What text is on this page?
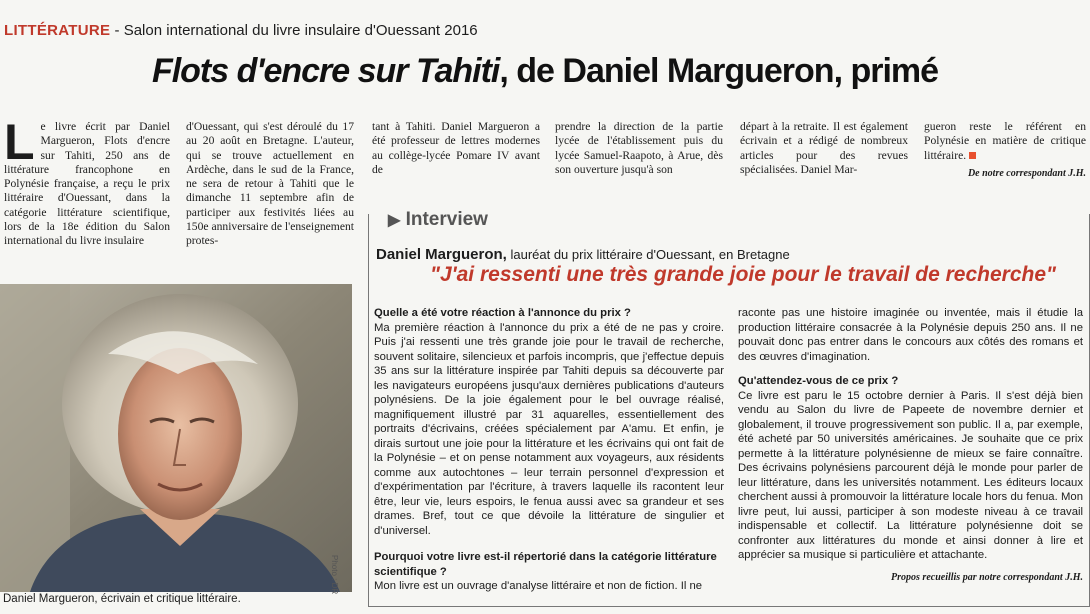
LITTÉRATURE - Salon international du livre insulaire d'Ouessant 2016
Flots d'encre sur Tahiti, de Daniel Margueron, primé
L e livre écrit par Daniel Margueron, Flots d'encre sur Tahiti, 250 ans de littérature francophone en Polynésie française, a reçu le prix littéraire d'Ouessant, dans la catégorie littérature scientifique, lors de la 18e édition du Salon international du livre insulaire

d'Ouessant, qui s'est déroulé du 17 au 20 août en Bretagne. L'auteur, qui se trouve actuellement en Ardèche, dans le sud de la France, ne sera de retour à Tahiti que le dimanche 11 septembre afin de participer aux festivités liées au 150e anniversaire de l'enseignement protes-

tant à Tahiti. Daniel Margueron a été professeur de lettres modernes au collège-lycée Pomare IV avant de

prendre la direction de la partie lycée de l'établissement puis du lycée Samuel-Raapoto, à Arue, dès son ouverture jusqu'à son

départ à la retraite. Il est également écrivain et a rédigé de nombreux articles pour des revues spécialisées. Daniel Mar-

gueron reste le référent en Polynésie en matière de critique littéraire.

De notre correspondant J.H.
Photo : DR
Daniel Margueron, écrivain et critique littéraire.
▶ Interview
Daniel Margueron, lauréat du prix littéraire d'Ouessant, en Bretagne
"J'ai ressenti une très grande joie pour le travail de recherche"

Quelle a été votre réaction à l'annonce du prix ?

Ma première réaction à l'annonce du prix a été de ne pas y croire. Puis j'ai ressenti une très grande joie pour le travail de recherche, souvent solitaire, silencieux et parfois incompris, que j'effectue depuis 35 ans sur la littérature inspirée par Tahiti depuis sa découverte par les navigateurs européens jusqu'aux dernières publications d'auteurs polynésiens. De la joie également pour le bel ouvrage réalisé, magnifiquement illustré par 31 aquarelles, essentiellement des portraits d'écrivains, créées spécialement par A'amu. Et enfin, je dirais surtout une joie pour la littérature et les écrivains qui ont fait de la Polynésie – et on pense notamment aux voyageurs, aux résidents comme aux autochtones – leur terrain personnel d'expression et d'expérimentation par l'écriture, à travers laquelle ils racontent leur être, leur vie, leurs espoirs, le fenua aussi avec sa grandeur et ses drames. Bref, tout ce que dévoile la littérature de singulier et d'universel.

Pourquoi votre livre est-il répertorié dans la catégorie littérature scientifique ?

Mon livre est un ouvrage d'analyse littéraire et non de fiction. Il ne

raconte pas une histoire imaginée ou inventée, mais il étudie la production littéraire consacrée à la Polynésie depuis 250 ans. Il ne pouvait donc pas entrer dans le concours aux côtés des romans et des œuvres d'imagination.

Qu'attendez-vous de ce prix ?

Ce livre est paru le 15 octobre dernier à Paris. Il s'est déjà bien vendu au Salon du livre de Papeete de novembre dernier et globalement, il trouve progressivement son public. Il a, par exemple, été acheté par 50 universités américaines. Je souhaite que ce prix permette à la littérature polynésienne de mieux se faire connaître. Des écrivains polynésiens parcourent déjà le monde pour parler de leur littérature, dans les universités notamment. Les éditeurs locaux cherchent aussi à promouvoir la littérature locale hors du fenua. Mon livre peut, lui aussi, participer à son modeste niveau à ce travail indispensable et collectif. La littérature polynésienne doit se confronter aux littératures du monde et ainsi donner à lire et apprécier sa musique si particulière et attachante.

Propos recueillis par notre correspondant J.H.
